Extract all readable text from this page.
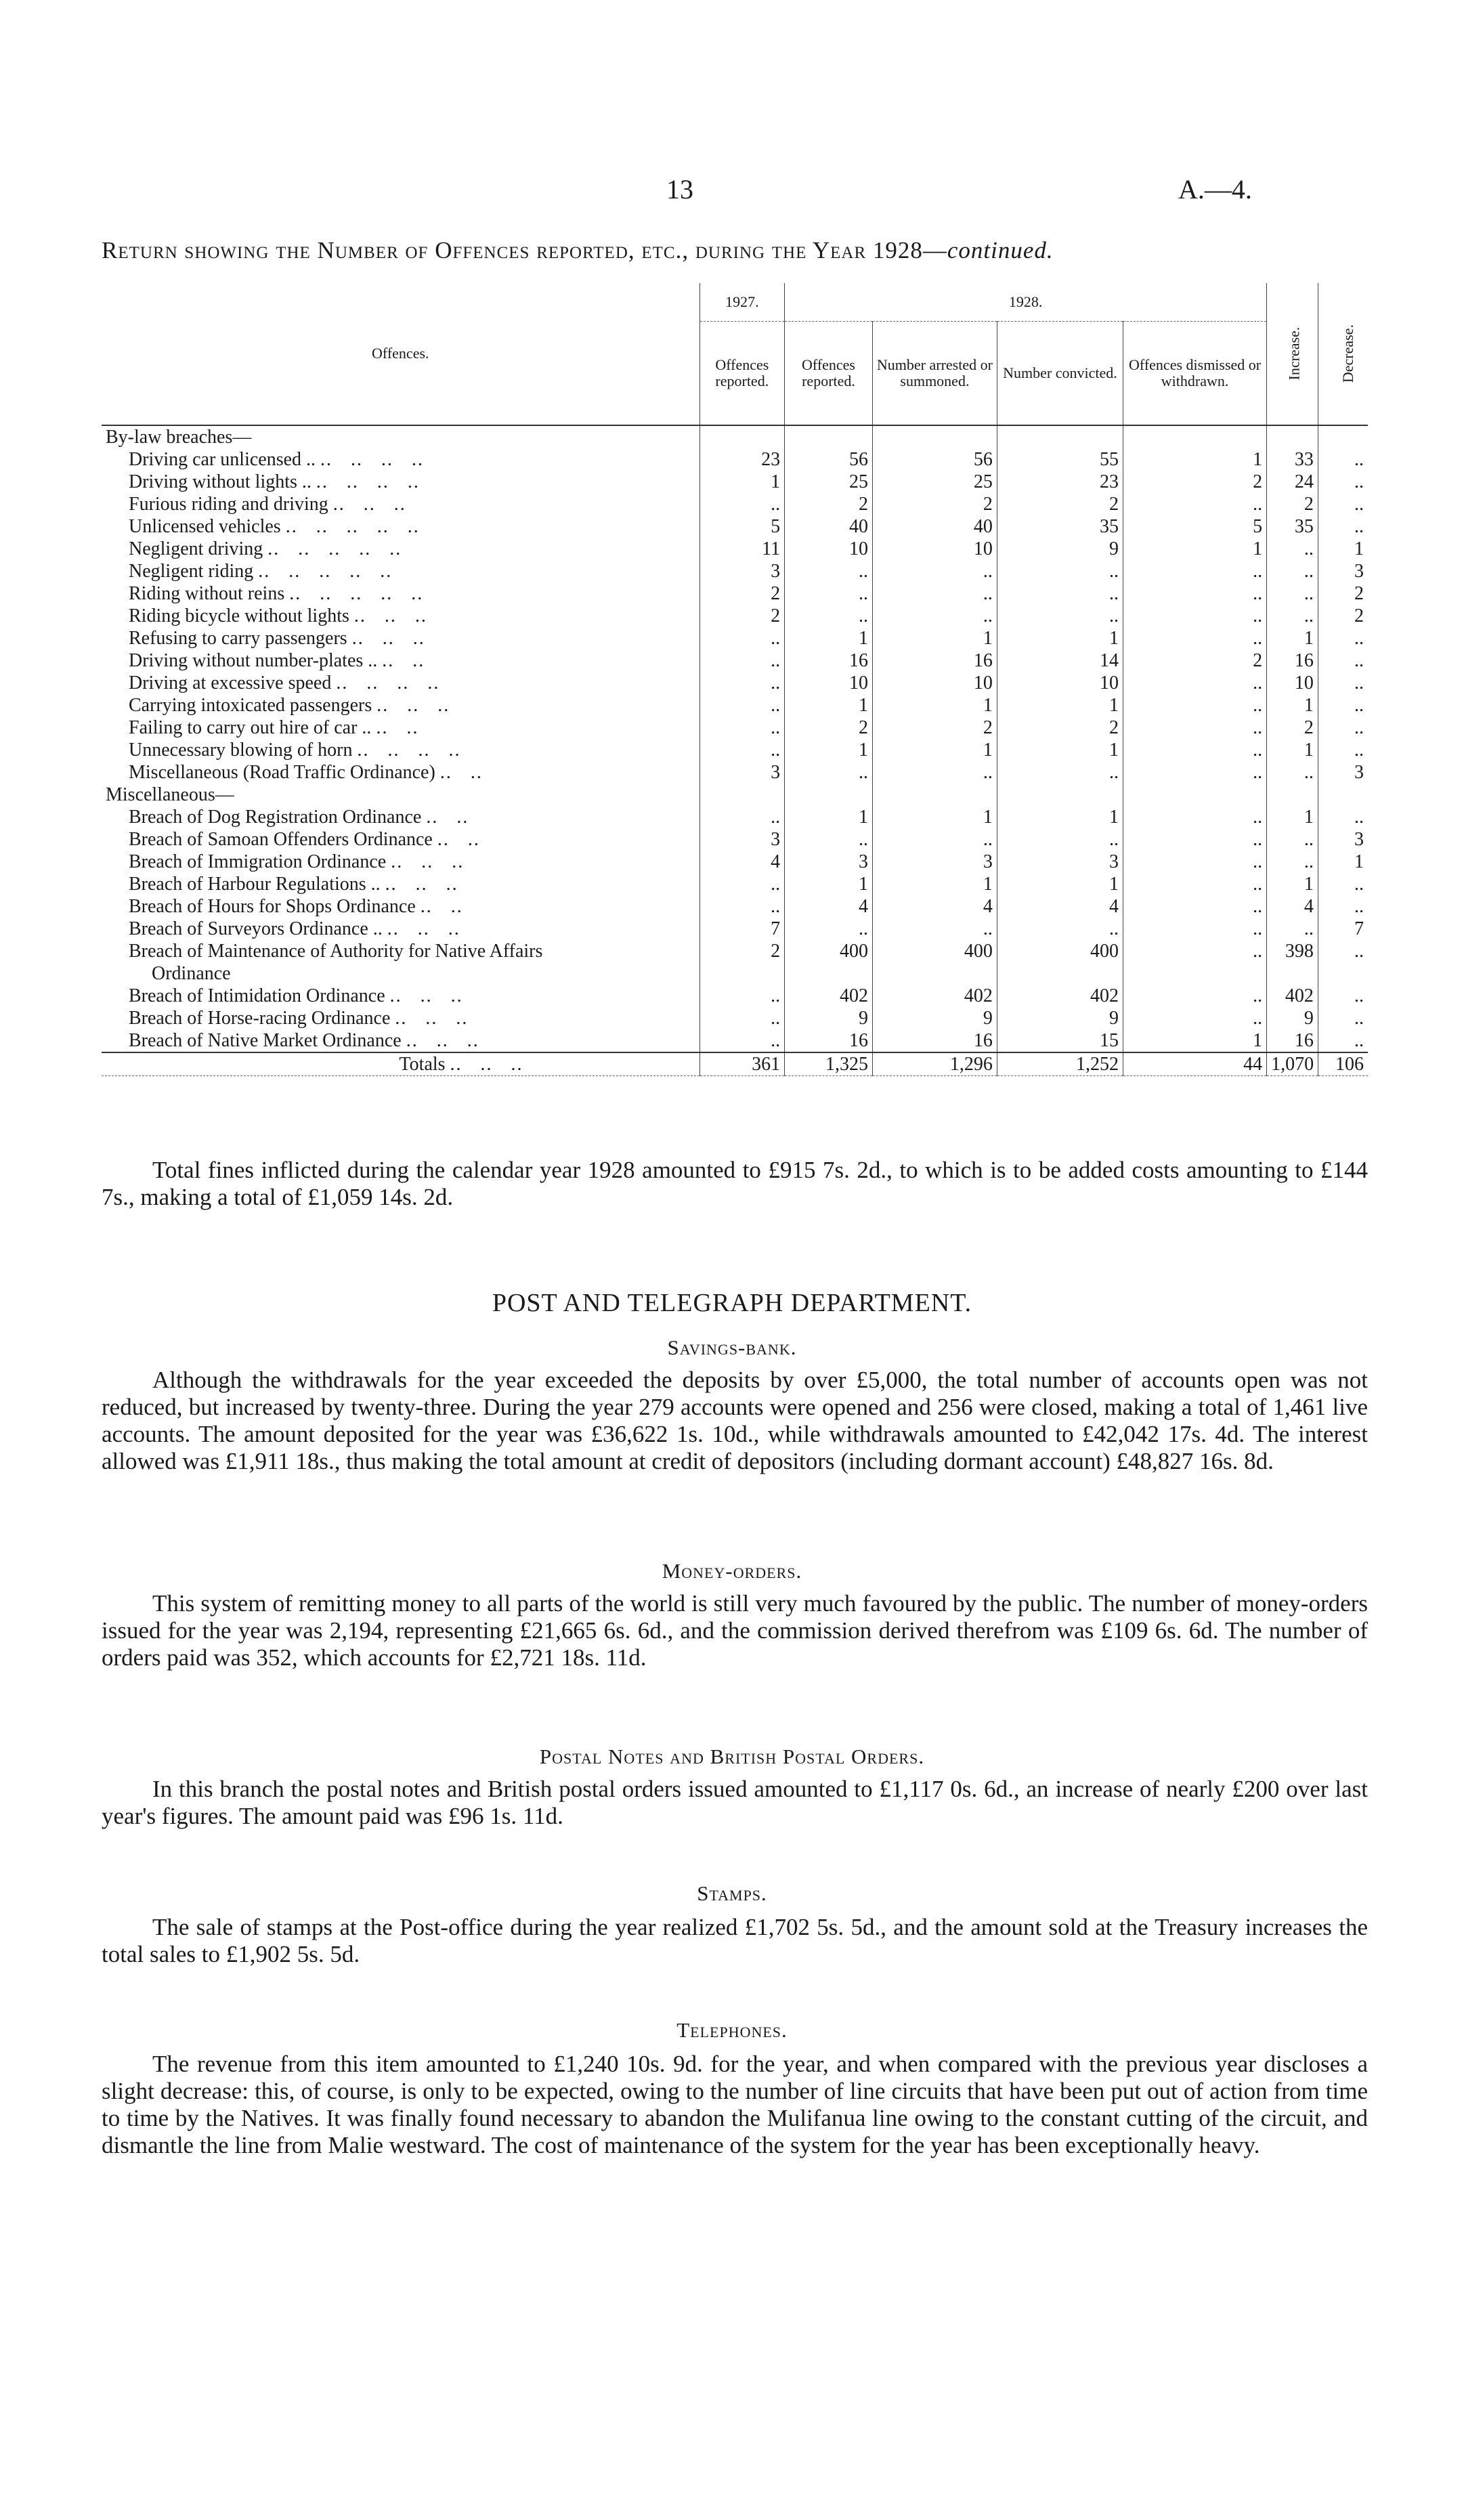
13	A.—4.
Return showing the Number of Offences reported, etc., during the Year 1928—continued.
Offences.	1927.	1928.				Increase.	Decrease.
	Offences reported.	Offences reported.	Number arrested or summoned.	Number convicted.	Offences dismissed or withdrawn.		
By-law breaches—							
Driving car unlicensed .. ..   ..   ..   ..	23	56	56	55	1	33	..
Driving without lights .. ..   ..   ..   ..	1	25	25	23	2	24	..
Furious riding and driving ..   ..   ..	..	2	2	2	..	2	..
Unlicensed vehicles ..   ..   ..   ..   ..	5	40	40	35	5	35	..
Negligent driving ..   ..   ..   ..   ..	11	10	10	9	1	..	1
Negligent riding ..   ..   ..   ..   ..	3	..	..	..	..	..	3
Riding without reins ..   ..   ..   ..   ..	2	..	..	..	..	..	2
Riding bicycle without lights ..   ..   ..	2	..	..	..	..	..	2
Refusing to carry passengers ..   ..   ..	..	1	1	1	..	1	..
Driving without number-plates .. ..   ..	..	16	16	14	2	16	..
Driving at excessive speed ..   ..   ..   ..	..	10	10	10	..	10	..
Carrying intoxicated passengers ..   ..   ..	..	1	1	1	..	1	..
Failing to carry out hire of car .. ..   ..	..	2	2	2	..	2	..
Unnecessary blowing of horn ..   ..   ..   ..	..	1	1	1	..	1	..
Miscellaneous (Road Traffic Ordinance) ..   ..	3	..	..	..	..	..	3
Miscellaneous—							
Breach of Dog Registration Ordinance ..   ..	..	1	1	1	..	1	..
Breach of Samoan Offenders Ordinance ..   ..	3	..	..	..	..	..	3
Breach of Immigration Ordinance ..   ..   ..	4	3	3	3	..	..	1
Breach of Harbour Regulations .. ..   ..   ..	..	1	1	1	..	1	..
Breach of Hours for Shops Ordinance ..   ..	..	4	4	4	..	4	..
Breach of Surveyors Ordinance .. ..   ..   ..	7	..	..	..	..	..	7
Breach of Maintenance of Authority for Native Affairs	2	400	400	400	..	398	..
Ordinance							
Breach of Intimidation Ordinance ..   ..   ..	..	402	402	402	..	402	..
Breach of Horse-racing Ordinance ..   ..   ..	..	9	9	9	..	9	..
Breach of Native Market Ordinance ..   ..   ..	..	16	16	15	1	16	..
Totals ..   ..   ..	361	1,325	1,296	1,252	44	1,070	106
Total fines inflicted during the calendar year 1928 amounted to £915 7s. 2d., to which is to be added costs amounting to £144 7s., making a total of £1,059 14s. 2d.
POST AND TELEGRAPH DEPARTMENT.
Savings-bank.
Although the withdrawals for the year exceeded the deposits by over £5,000, the total number of accounts open was not reduced, but increased by twenty-three. During the year 279 accounts were opened and 256 were closed, making a total of 1,461 live accounts. The amount deposited for the year was £36,622 1s. 10d., while withdrawals amounted to £42,042 17s. 4d. The interest allowed was £1,911 18s., thus making the total amount at credit of depositors (including dormant account) £48,827 16s. 8d.
Money-orders.
This system of remitting money to all parts of the world is still very much favoured by the public. The number of money-orders issued for the year was 2,194, representing £21,665 6s. 6d., and the commission derived therefrom was £109 6s. 6d. The number of orders paid was 352, which accounts for £2,721 18s. 11d.
Postal Notes and British Postal Orders.
In this branch the postal notes and British postal orders issued amounted to £1,117 0s. 6d., an increase of nearly £200 over last year's figures. The amount paid was £96 1s. 11d.
Stamps.
The sale of stamps at the Post-office during the year realized £1,702 5s. 5d., and the amount sold at the Treasury increases the total sales to £1,902 5s. 5d.
Telephones.
The revenue from this item amounted to £1,240 10s. 9d. for the year, and when compared with the previous year discloses a slight decrease: this, of course, is only to be expected, owing to the number of line circuits that have been put out of action from time to time by the Natives. It was finally found necessary to abandon the Mulifanua line owing to the constant cutting of the circuit, and dismantle the line from Malie westward. The cost of maintenance of the system for the year has been exceptionally heavy.
